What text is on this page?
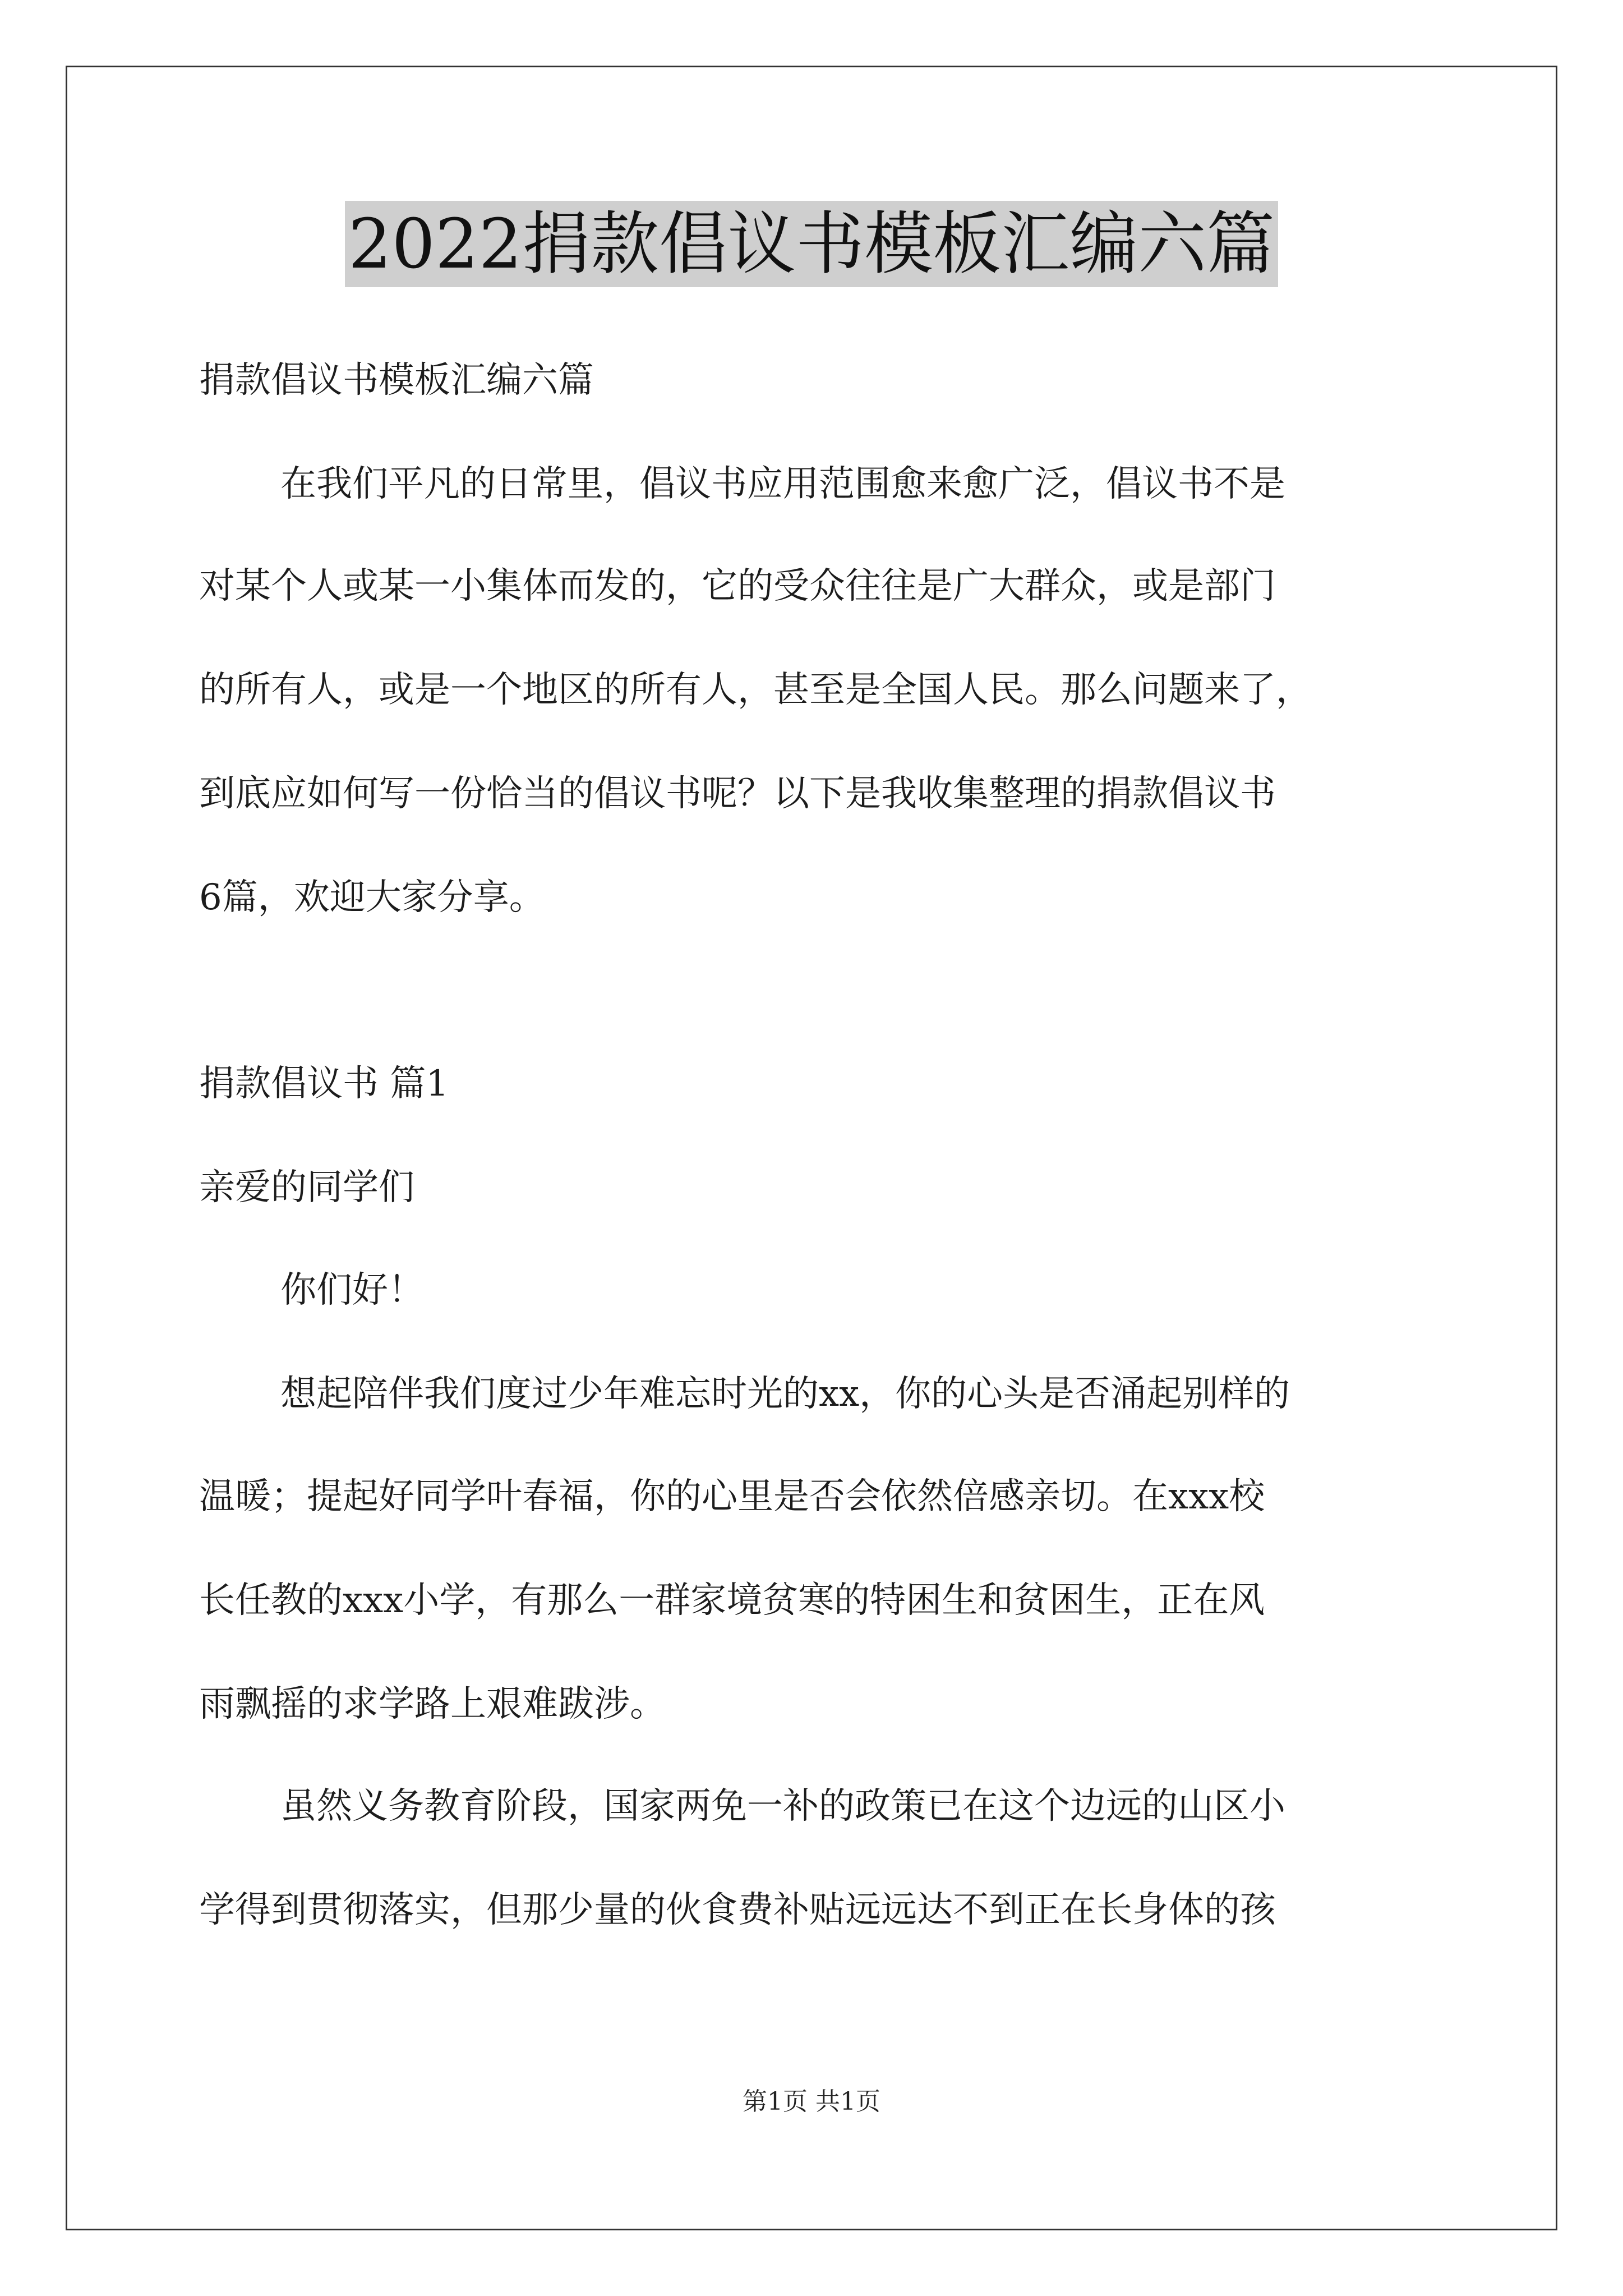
2022捐款倡议书模板汇编六篇
捐款倡议书模板汇编六篇
在我们平凡的日常里，倡议书应用范围愈来愈广泛，倡议书不是
对某个人或某一小集体而发的，它的受众往往是广大群众，或是部门
的所有人，或是一个地区的所有人，甚至是全国人民。那么问题来了，
到底应如何写一份恰当的倡议书呢？以下是我收集整理的捐款倡议书
6篇，欢迎大家分享。
捐款倡议书 篇1
亲爱的同学们
你们好！
想起陪伴我们度过少年难忘时光的xx，你的心头是否涌起别样的
温暖；提起好同学叶春福，你的心里是否会依然倍感亲切。在xxx校
长任教的xxx小学，有那么一群家境贫寒的特困生和贫困生，正在风
雨飘摇的求学路上艰难跋涉。
虽然义务教育阶段，国家两免一补的政策已在这个边远的山区小
学得到贯彻落实，但那少量的伙食费补贴远远达不到正在长身体的孩
第1页 共1页
